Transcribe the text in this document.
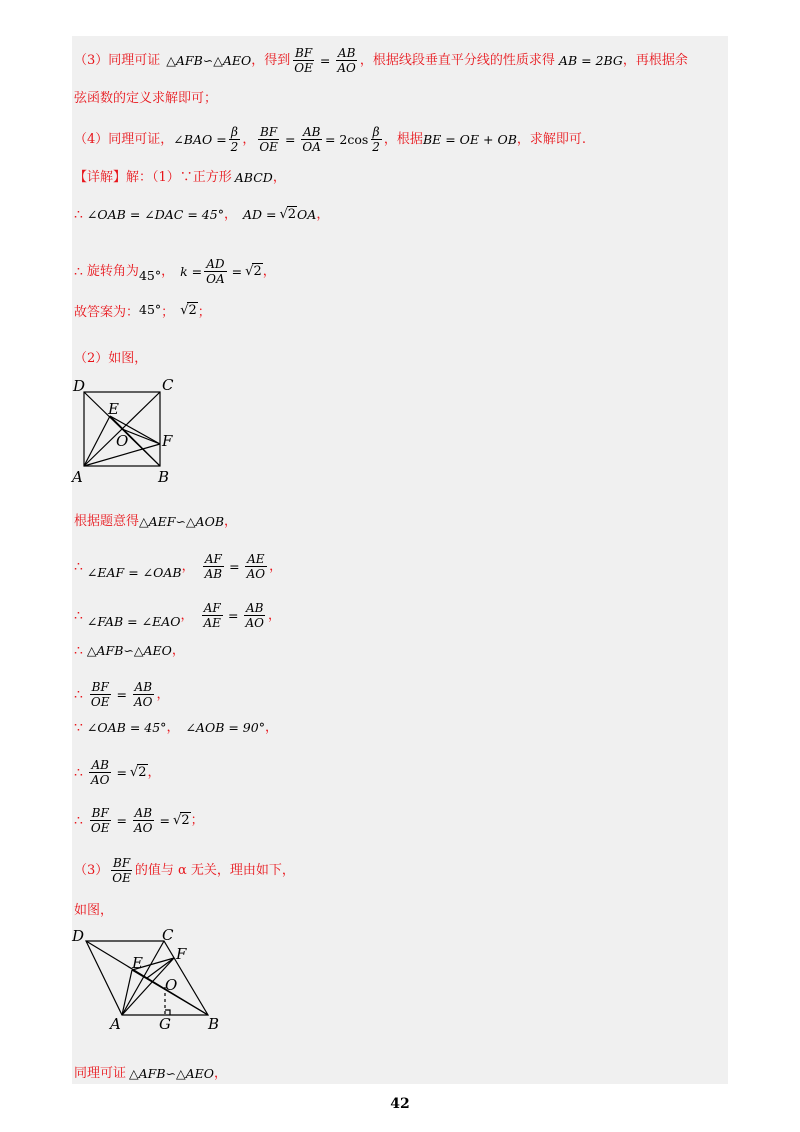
（3）同理可证 △AFB∽△AEO ，得到 $\frac{BF}{OE} = \frac{AB}{AO}$ ，根据线段垂直平分线的性质求得 AB = 2BG ，再根据余
弦函数的定义求解即可；
（4）同理可证， ∠BAO = $\frac{\beta}{2}$ ， $\frac{BF}{OE} = \frac{AB}{OA} = 2\cos \frac{\beta}{2}$ ，根据 BE = OE + OB ，求解即可.
【详解】解：（1）∵正方形 ABCD ，
∴ ∠OAB = ∠DAC = 45° ， AD = √2 OA ，
∴ 旋转角为 45° ， $k = \frac{AD}{OA} = √2$ ，
故答案为： 45° ； √2 ；
（2）如图，
D	C
E
O F
A	B
根据题意得 △AEF∽△AOB ，
∴ ∠EAF = ∠OAB ， $\frac{AF}{AB} = \frac{AE}{AO}$ ，
∴ ∠FAB = ∠EAO ， $\frac{AF}{AE} = \frac{AB}{AO}$ ，
∴ △AFB∽△AEO ，
∴ $\frac{BF}{OE} = \frac{AB}{AO}$ ，
∵ ∠OAB = 45° ， ∠AOB = 90° ，
∴ $\frac{AB}{AO} = √2$ ，
∴ $\frac{BF}{OE} = \frac{AB}{AO} = √2$ ；
$(3) \frac{BF}{OE}$ 的值与 α 无关，理由如下，
如图，
D	C
F
E
O
A	G B
同理可证 △AFB∽△AEO ，
42
